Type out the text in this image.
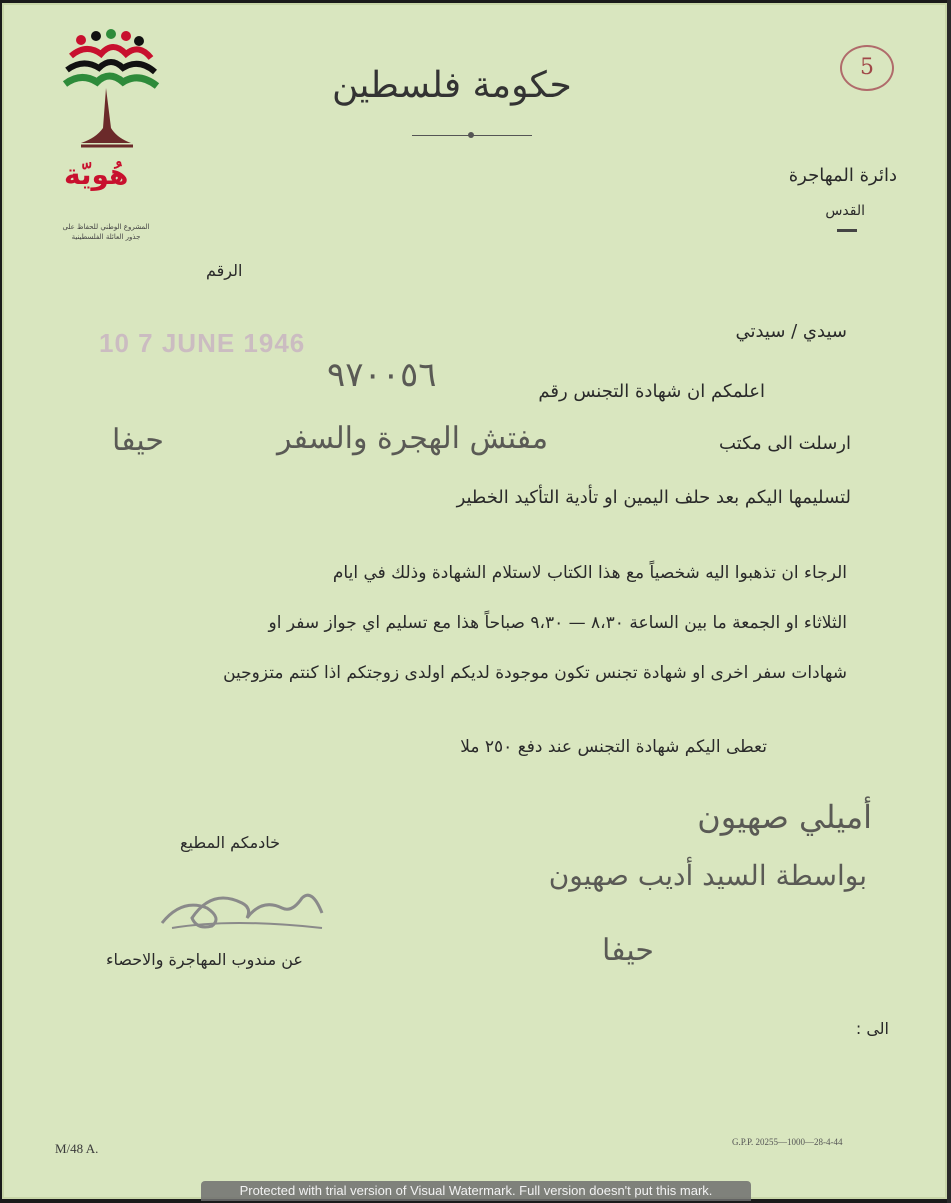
هُويّة
المشروع الوطني للحفاظ على
جذور العائلة الفلسطينية
حكومة فلسطين	5
دائرة المهاجرة
القدس
الرقم
10 7 JUNE 1946	سيدي / سيدتي
اعلمكم ان شهادة التجنس رقم
٩٧٠٠٥٦
ارسلت الى مكتب
مفتش الهجرة والسفر
حيفا
لتسليمها اليكم بعد حلف اليمين او تأدية التأكيد الخطير
الرجاء ان تذهبوا اليه شخصياً مع هذا الكتاب لاستلام الشهادة وذلك في ايام
الثلاثاء او الجمعة ما بين الساعة ٨،٣٠ — ٩،٣٠ صباحاً هذا مع تسليم اي جواز سفر او
شهادات سفر اخرى او شهادة تجنس تكون موجودة لديكم اولدى زوجتكم اذا كنتم متزوجين
تعطى اليكم شهادة التجنس عند دفع ٢٥٠ ملا
أميلي صهيون
بواسطة السيد أديب صهيون
حيفا
خادمكم المطيع
عن مندوب المهاجرة والاحصاء
الى :
M/48 A.	G.P.P. 20255—1000—28-4-44
Protected with trial version of Visual Watermark. Full version doesn't put this mark.
